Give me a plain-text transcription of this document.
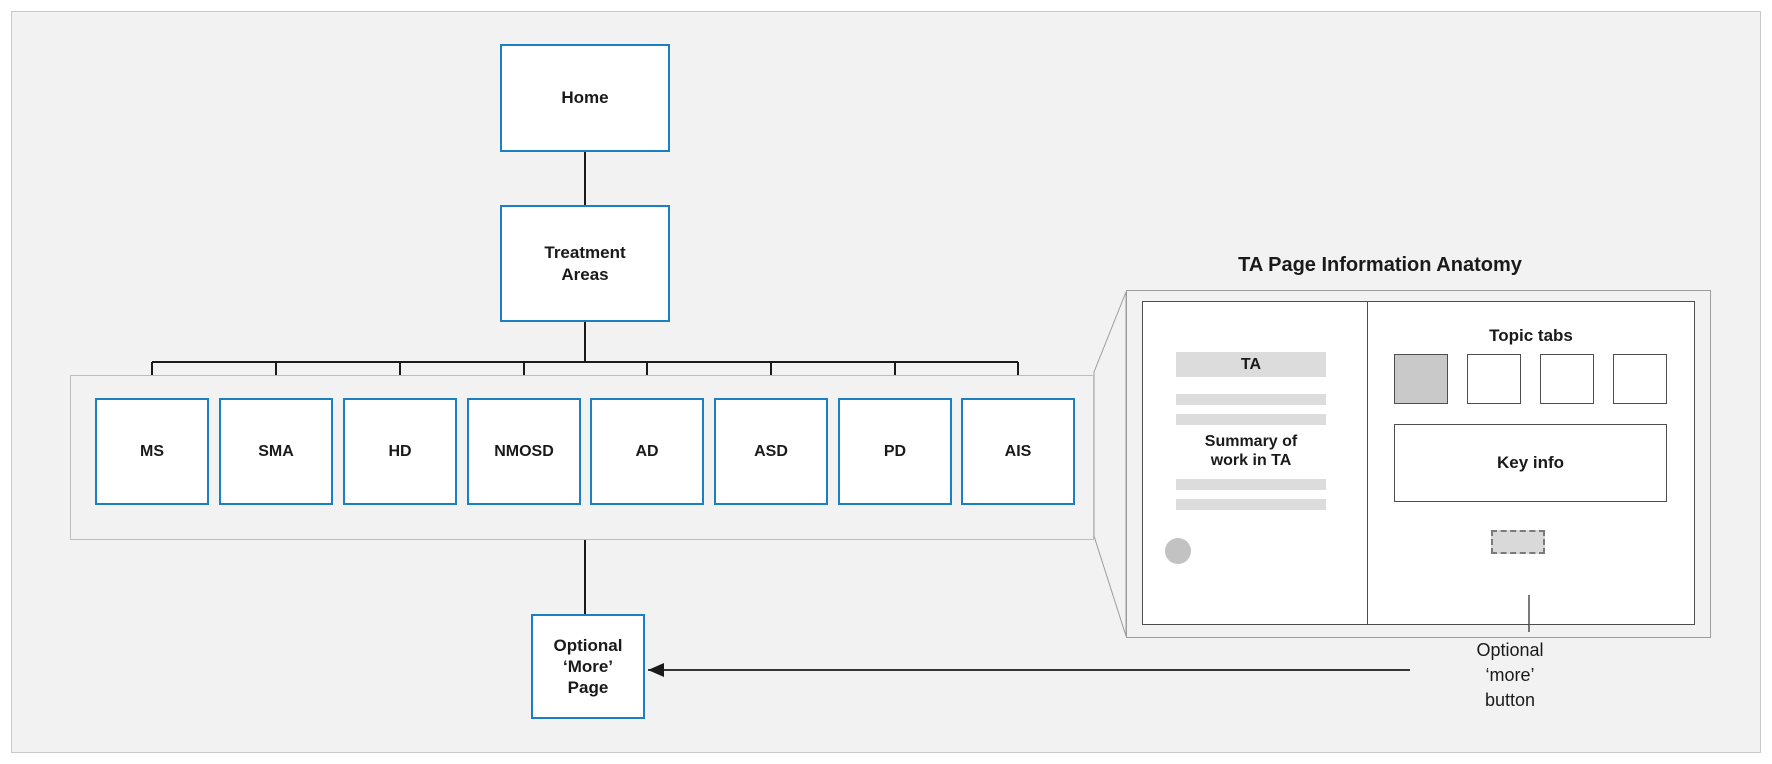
Home
Treatment
Areas
MS	SMA	HD	NMOSD	AD	ASD	PD	AIS
Optional
‘More’
Page
TA Page Information Anatomy
TA
Summary of
work in TA
Topic tabs
Key info
Optional
‘more’
button
